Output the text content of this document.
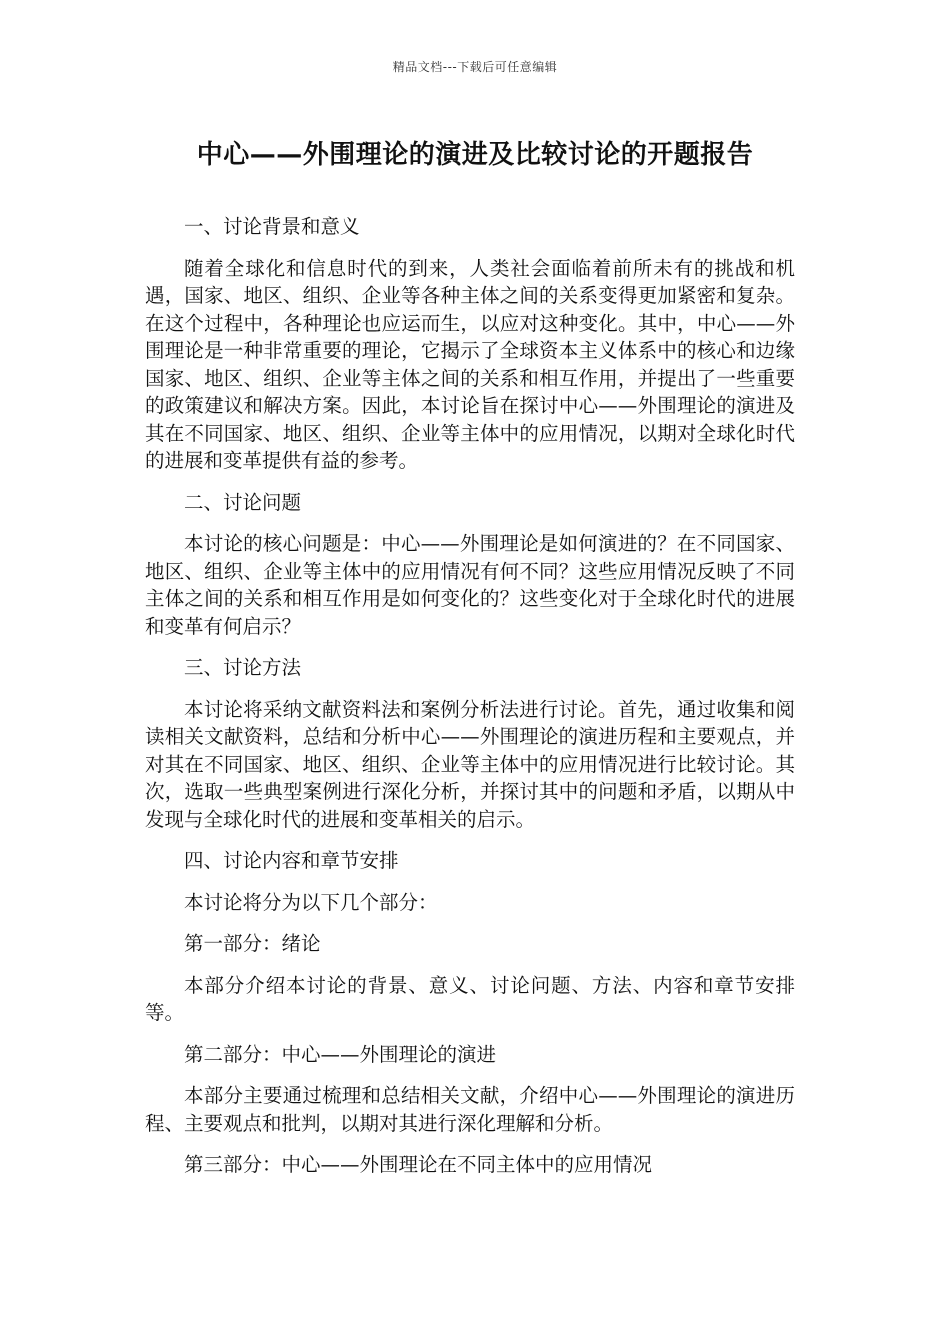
精品文档---下载后可任意编辑
中心——外围理论的演进及比较讨论的开题报告

一、讨论背景和意义

随着全球化和信息时代的到来，人类社会面临着前所未有的挑战和机遇，国家、地区、组织、企业等各种主体之间的关系变得更加紧密和复杂。在这个过程中，各种理论也应运而生，以应对这种变化。其中，中心——外围理论是一种非常重要的理论，它揭示了全球资本主义体系中的核心和边缘国家、地区、组织、企业等主体之间的关系和相互作用，并提出了一些重要的政策建议和解决方案。因此，本讨论旨在探讨中心——外围理论的演进及其在不同国家、地区、组织、企业等主体中的应用情况，以期对全球化时代的进展和变革提供有益的参考。

二、讨论问题

本讨论的核心问题是：中心——外围理论是如何演进的？在不同国家、地区、组织、企业等主体中的应用情况有何不同？这些应用情况反映了不同主体之间的关系和相互作用是如何变化的？这些变化对于全球化时代的进展和变革有何启示？

三、讨论方法

本讨论将采纳文献资料法和案例分析法进行讨论。首先，通过收集和阅读相关文献资料，总结和分析中心——外围理论的演进历程和主要观点，并对其在不同国家、地区、组织、企业等主体中的应用情况进行比较讨论。其次，选取一些典型案例进行深化分析，并探讨其中的问题和矛盾，以期从中发现与全球化时代的进展和变革相关的启示。

四、讨论内容和章节安排

本讨论将分为以下几个部分：

第一部分：绪论

本部分介绍本讨论的背景、意义、讨论问题、方法、内容和章节安排等。

第二部分：中心——外围理论的演进

本部分主要通过梳理和总结相关文献，介绍中心——外围理论的演进历程、主要观点和批判，以期对其进行深化理解和分析。

第三部分：中心——外围理论在不同主体中的应用情况
